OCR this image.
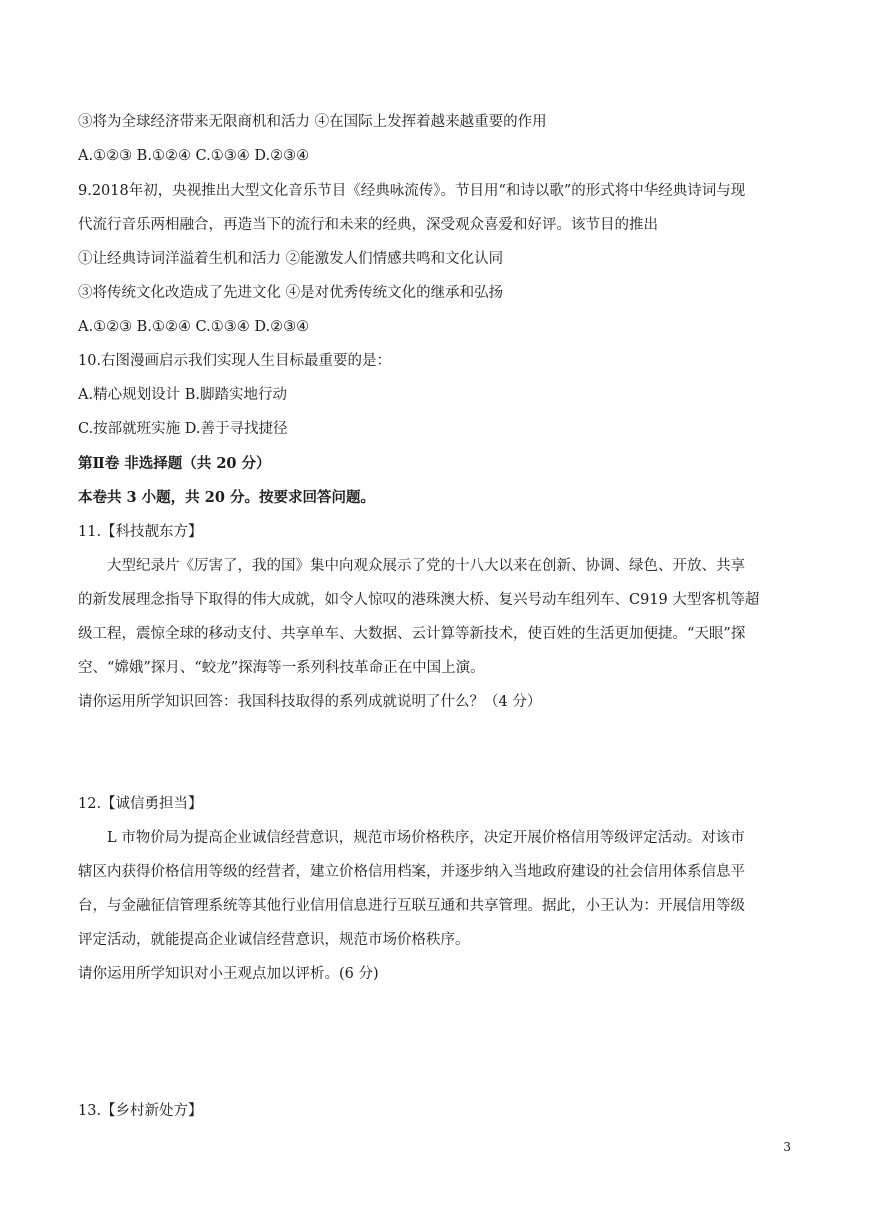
③将为全球经济带来无限商机和活力 ④在国际上发挥着越来越重要的作用
A.①②③ B.①②④ C.①③④ D.②③④
9.2018年初，央视推出大型文化音乐节目《经典咏流传》。节目用“和诗以歌”的形式将中华经典诗词与现
代流行音乐两相融合，再造当下的流行和未来的经典，深受观众喜爱和好评。该节目的推出
①让经典诗词洋溢着生机和活力 ②能激发人们情感共鸣和文化认同
③将传统文化改造成了先进文化 ④是对优秀传统文化的继承和弘扬
A.①②③ B.①②④ C.①③④ D.②③④
10.右图漫画启示我们实现人生目标最重要的是：
A.精心规划设计 B.脚踏实地行动
C.按部就班实施 D.善于寻找捷径
第Ⅱ卷 非选择题（共 20 分）
本卷共 3 小题，共 20 分。按要求回答问题。
11.【科技靓东方】
大型纪录片《厉害了，我的国》集中向观众展示了党的十八大以来在创新、协调、绿色、开放、共享
的新发展理念指导下取得的伟大成就，如令人惊叹的港珠澳大桥、复兴号动车组列车、C919 大型客机等超
级工程，震惊全球的移动支付、共享单车、大数据、云计算等新技术，使百姓的生活更加便捷。“天眼”探
空、“嫦娥”探月、“蛟龙”探海等一系列科技革命正在中国上演。
请你运用所学知识回答：我国科技取得的系列成就说明了什么？（4 分）
12.【诚信勇担当】
L 市物价局为提高企业诚信经营意识，规范市场价格秩序，决定开展价格信用等级评定活动。对该市
辖区内获得价格信用等级的经营者，建立价格信用档案，并逐步纳入当地政府建设的社会信用体系信息平
台，与金融征信管理系统等其他行业信用信息进行互联互通和共享管理。据此，小王认为：开展信用等级
评定活动，就能提高企业诚信经营意识，规范市场价格秩序。
请你运用所学知识对小王观点加以评析。(6 分)
13.【乡村新处方】
3
